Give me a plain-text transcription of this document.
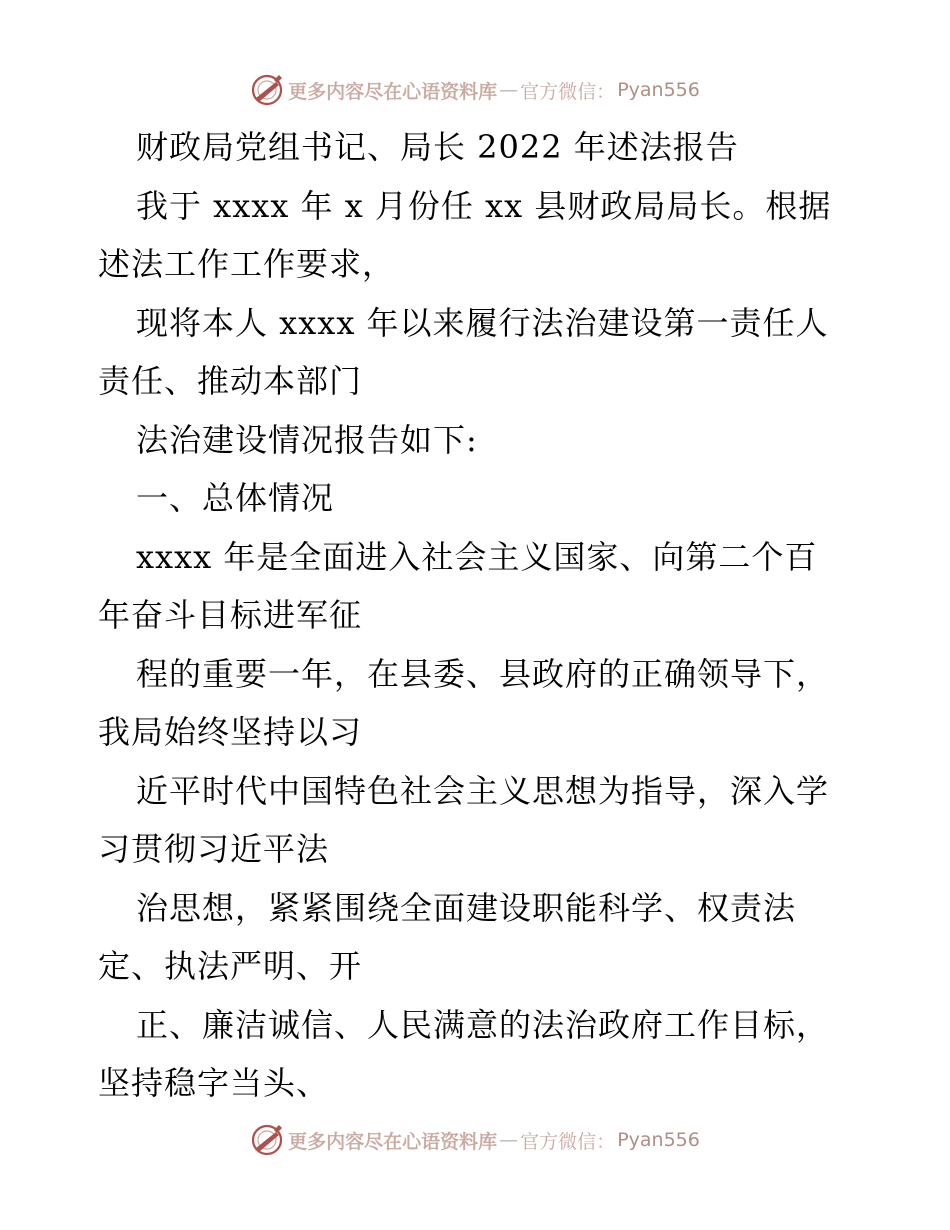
更多内容尽在心语资料库 — 官方微信： Pyan556
财政局党组书记、局长 2022 年述法报告
我于 xxxx 年 x 月份任 xx 县财政局局长。根据
述法工作工作要求，
现将本人 xxxx 年以来履行法治建设第一责任人
责任、推动本部门
法治建设情况报告如下:
一、总体情况
xxxx 年是全面进入社会主义国家、向第二个百
年奋斗目标进军征
程的重要一年，在县委、县政府的正确领导下，
我局始终坚持以习
近平时代中国特色社会主义思想为指导，深入学
习贯彻习近平法
治思想，紧紧围绕全面建设职能科学、权责法
定、执法严明、开
正、廉洁诚信、人民满意的法治政府工作目标，
坚持稳字当头、
更多内容尽在心语资料库 — 官方微信： Pyan556
